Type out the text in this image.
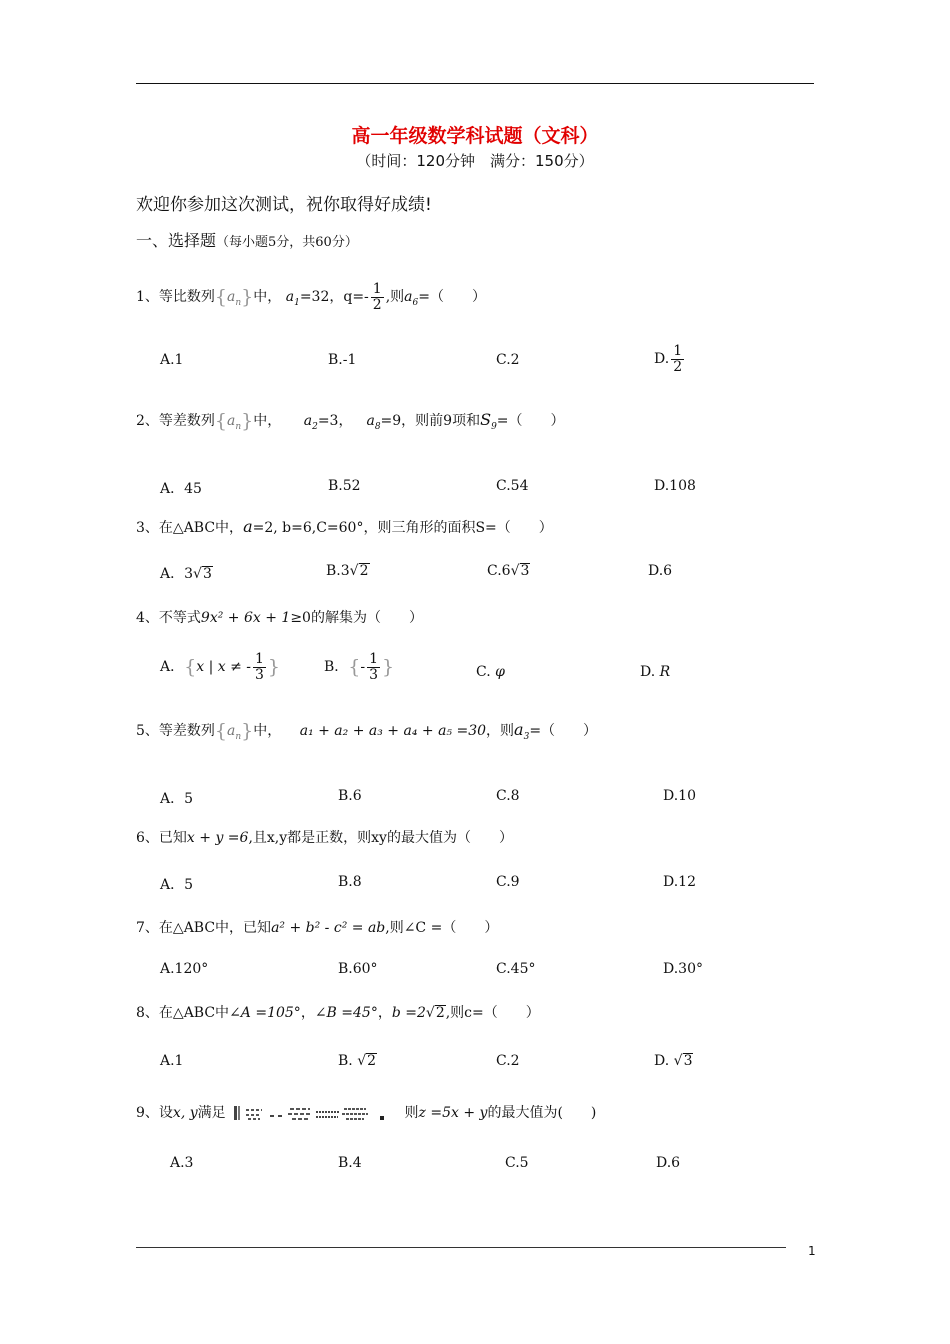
高一年级数学科试题（文科）
（时间：120分钟　满分：150分）
欢迎你参加这次测试，祝你取得好成绩!
一、选择题（每小题5分，共60分）
1、等比数列$\{a_n\}$中， $a_1=32$，$q=- \frac{1}{2}$ ,则$a_6=$（　　）
A.1	B.-1	C.2	D. $\frac{1}{2}$
2、等差数列$\{a_n\}$中， $a_2=3$， $a_8=9$，则前9项和$S_9=$（　　）
A．45	B.52	C.54	D.108
3、在△ABC中，a=2, b=6,C=60°，则三角形的面积S=（　　）
A．3√3	B.3√2	C.6√3	D.6
4、不等式9x² + 6x + 1≥0的解集为（　　）
A．{x | x ≠ - $\frac{1}{3}$ }	B．{- $\frac{1}{3}$ }	C. φ	D. R
5、等差数列$\{a_n\}$中， a₁ + a₂ + a₃ + a₄ + a₅ =30，则$a_3=$（　　）
A．5	B.6	C.8	D.10
6、已知x + y =6,且x,y都是正数，则xy的最大值为（　　）
A．5	B.8	C.9	D.12
7、在△ABC中，已知a² + b² - c² = ab,则∠C =（　　）
A.120°	B.60°	C.45°	D.30°
8、在△ABC中∠A =105°，∠B =45°，b =2√2,则c=（　　）
A.1	B. √2	C.2	D. √3
9、设x, y满足	则z =5x + y的最大值为(　　)
A.3	B.4	C.5	D.6
1
